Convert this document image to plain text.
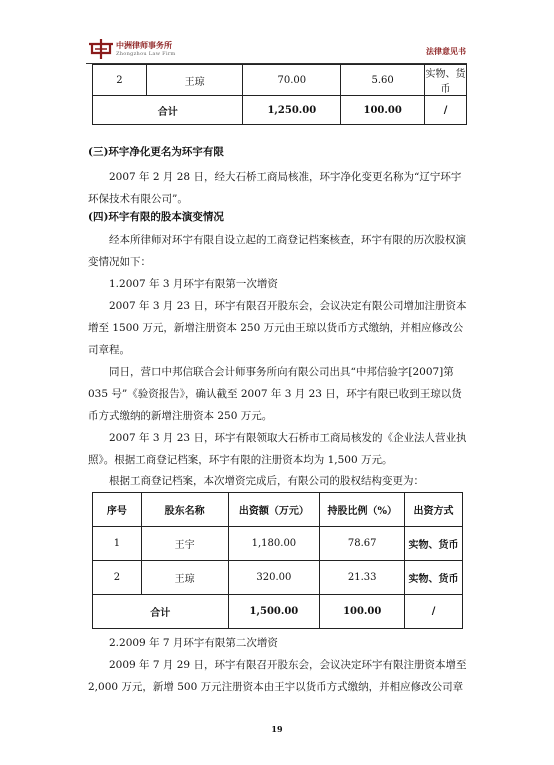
中洲律师事务所
Zhongzhou Law Firm	法律意见书
2	王琼	70.00	5.60	实物、货币
合计		1,250.00	100.00	/
(三)环宇净化更名为环宇有限
2007 年 2 月 28 日，经大石桥工商局核准，环宇净化变更名称为“辽宁环宇环保技术有限公司”。
(四)环宇有限的股本演变情况
经本所律师对环宇有限自设立起的工商登记档案核查，环宇有限的历次股权演变情况如下：
1.2007 年 3 月环宇有限第一次增资
2007 年 3 月 23 日，环宇有限召开股东会，会议决定有限公司增加注册资本增至 1500 万元，新增注册资本 250 万元由王琼以货币方式缴纳，并相应修改公司章程。
同日，营口中邦信联合会计师事务所向有限公司出具“中邦信验字[2007]第 035 号”《验资报告》，确认截至 2007 年 3 月 23 日，环宇有限已收到王琼以货币方式缴纳的新增注册资本 250 万元。
2007 年 3 月 23 日，环宇有限领取大石桥市工商局核发的《企业法人营业执照》。根据工商登记档案，环宇有限的注册资本均为 1,500 万元。
根据工商登记档案，本次增资完成后，有限公司的股权结构变更为：
序号	股东名称	出资额（万元）	持股比例（%）	出资方式
1	王宇	1,180.00	78.67	实物、货币
2	王琼	320.00	21.33	实物、货币
合计		1,500.00	100.00	/
2.2009 年 7 月环宇有限第二次增资
2009 年 7 月 29 日，环宇有限召开股东会，会议决定环宇有限注册资本增至 2,000 万元，新增 500 万元注册资本由王宇以货币方式缴纳，并相应修改公司章
19
